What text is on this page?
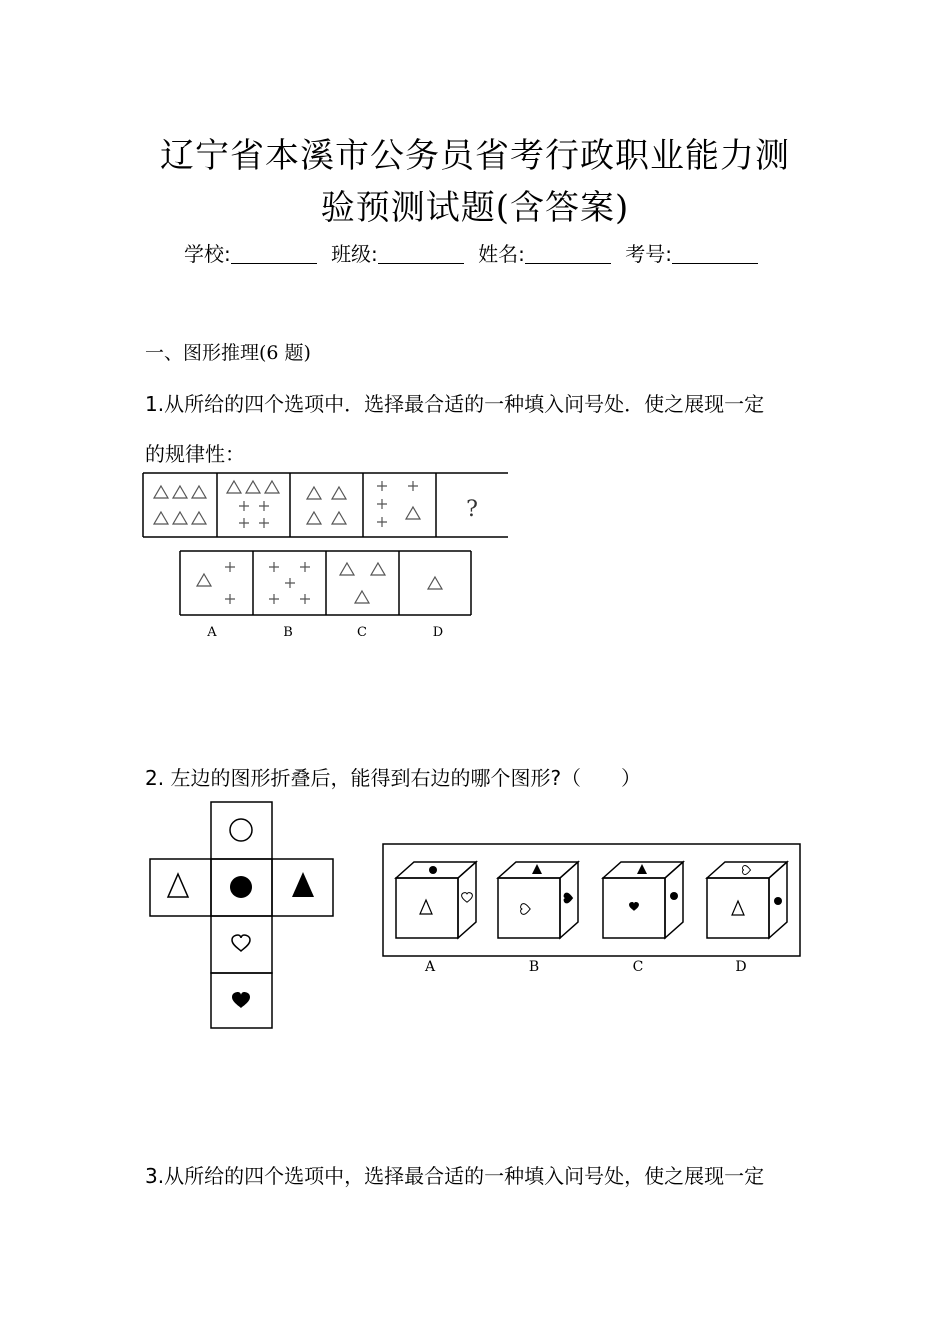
辽宁省本溪市公务员省考行政职业能力测
验预测试题(含答案)
学校:	班级:	姓名:	考号:
一、图形推理(6 题)
1.从所给的四个选项中．选择最合适的一种填入问号处．使之展现一定
的规律性：
?
A	B	C	D
2. 左边的图形折叠后，能得到右边的哪个图形?（　　）
A	B	C	D
3.从所给的四个选项中，选择最合适的一种填入问号处，使之展现一定
